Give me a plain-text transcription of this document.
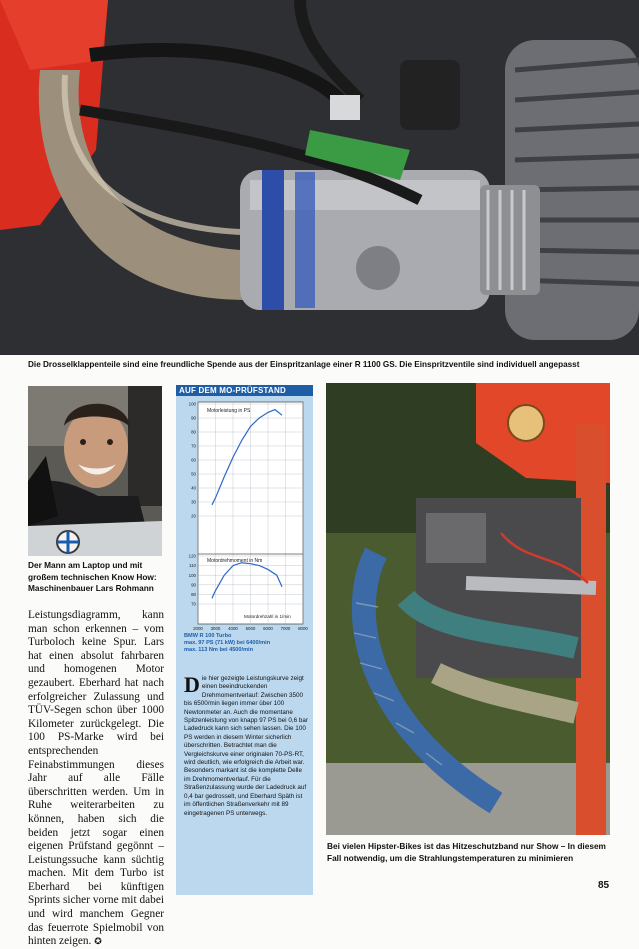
Die Drosselklappenteile sind eine freundliche Spende aus der Einspritzanlage einer R 1100 GS. Die Einspritzventile sind individuell angepasst
Der Mann am Laptop und mit großem technischen Know How: Maschinenbauer Lars Rohmann
Leistungsdiagramm, kann man schon erkennen – vom Turboloch keine Spur. Lars hat einen absolut fahrbaren und homogenen Motor gezaubert. Eberhard hat nach erfolgreicher Zulassung und TÜV-Segen schon über 1000 Kilometer zurückgelegt. Die 100 PS-Marke wird bei entsprechenden Feinabstimmungen dieses Jahr auf alle Fälle überschritten werden. Um in Ruhe weiterarbeiten zu können, haben sich die beiden jetzt sogar einen eigenen Prüfstand gegönnt – Leistungssuche kann süchtig machen. Mit dem Turbo ist Eberhard bei künftigen Sprints sicher vorne mit dabei und wird manchem Gegner das feuerrote Spielmobil von hinten zeigen. ✪
AUF DEM MO-PRÜFSTAND
Motorleistung in PS
Motordrehmoment in Nm
Motordrehzahl in 1/min
100
90
80
70
60
50
40
30
20
120
110
100
90
80
70
2000 3000 4000 5000 6000 7000 8000
BMW R 100 Turbo
max. 97 PS (71 kW) bei 6400/min
max. 113 Nm bei 4500/min
D ie hier gezeigte Leistungskurve zeigt einen beeindruckenden Drehmomentverlauf: Zwischen 3500 bis 6500/min liegen immer über 100 Newtonmeter an. Auch die momentane Spitzenleistung von knapp 97 PS bei 0,6 bar Ladedruck kann sich sehen lassen. Die 100 PS werden in diesem Winter sicherlich überschritten. Betrachtet man die Vergleichskurve einer originalen 70-PS-RT, wird deutlich, wie erfolgreich die Arbeit war. Besonders markant ist die komplette Delle im Drehmomentverlauf. Für die Straßenzulassung wurde der Ladedruck auf 0,4 bar gedrosselt, und Eberhard Späth ist im öffentlichen Straßenverkehr mit 89 eingetragenen PS unterwegs.
Bei vielen Hipster-Bikes ist das Hitzeschutzband nur Show – In diesem Fall notwendig, um die Strahlungstemperaturen zu minimieren
85
